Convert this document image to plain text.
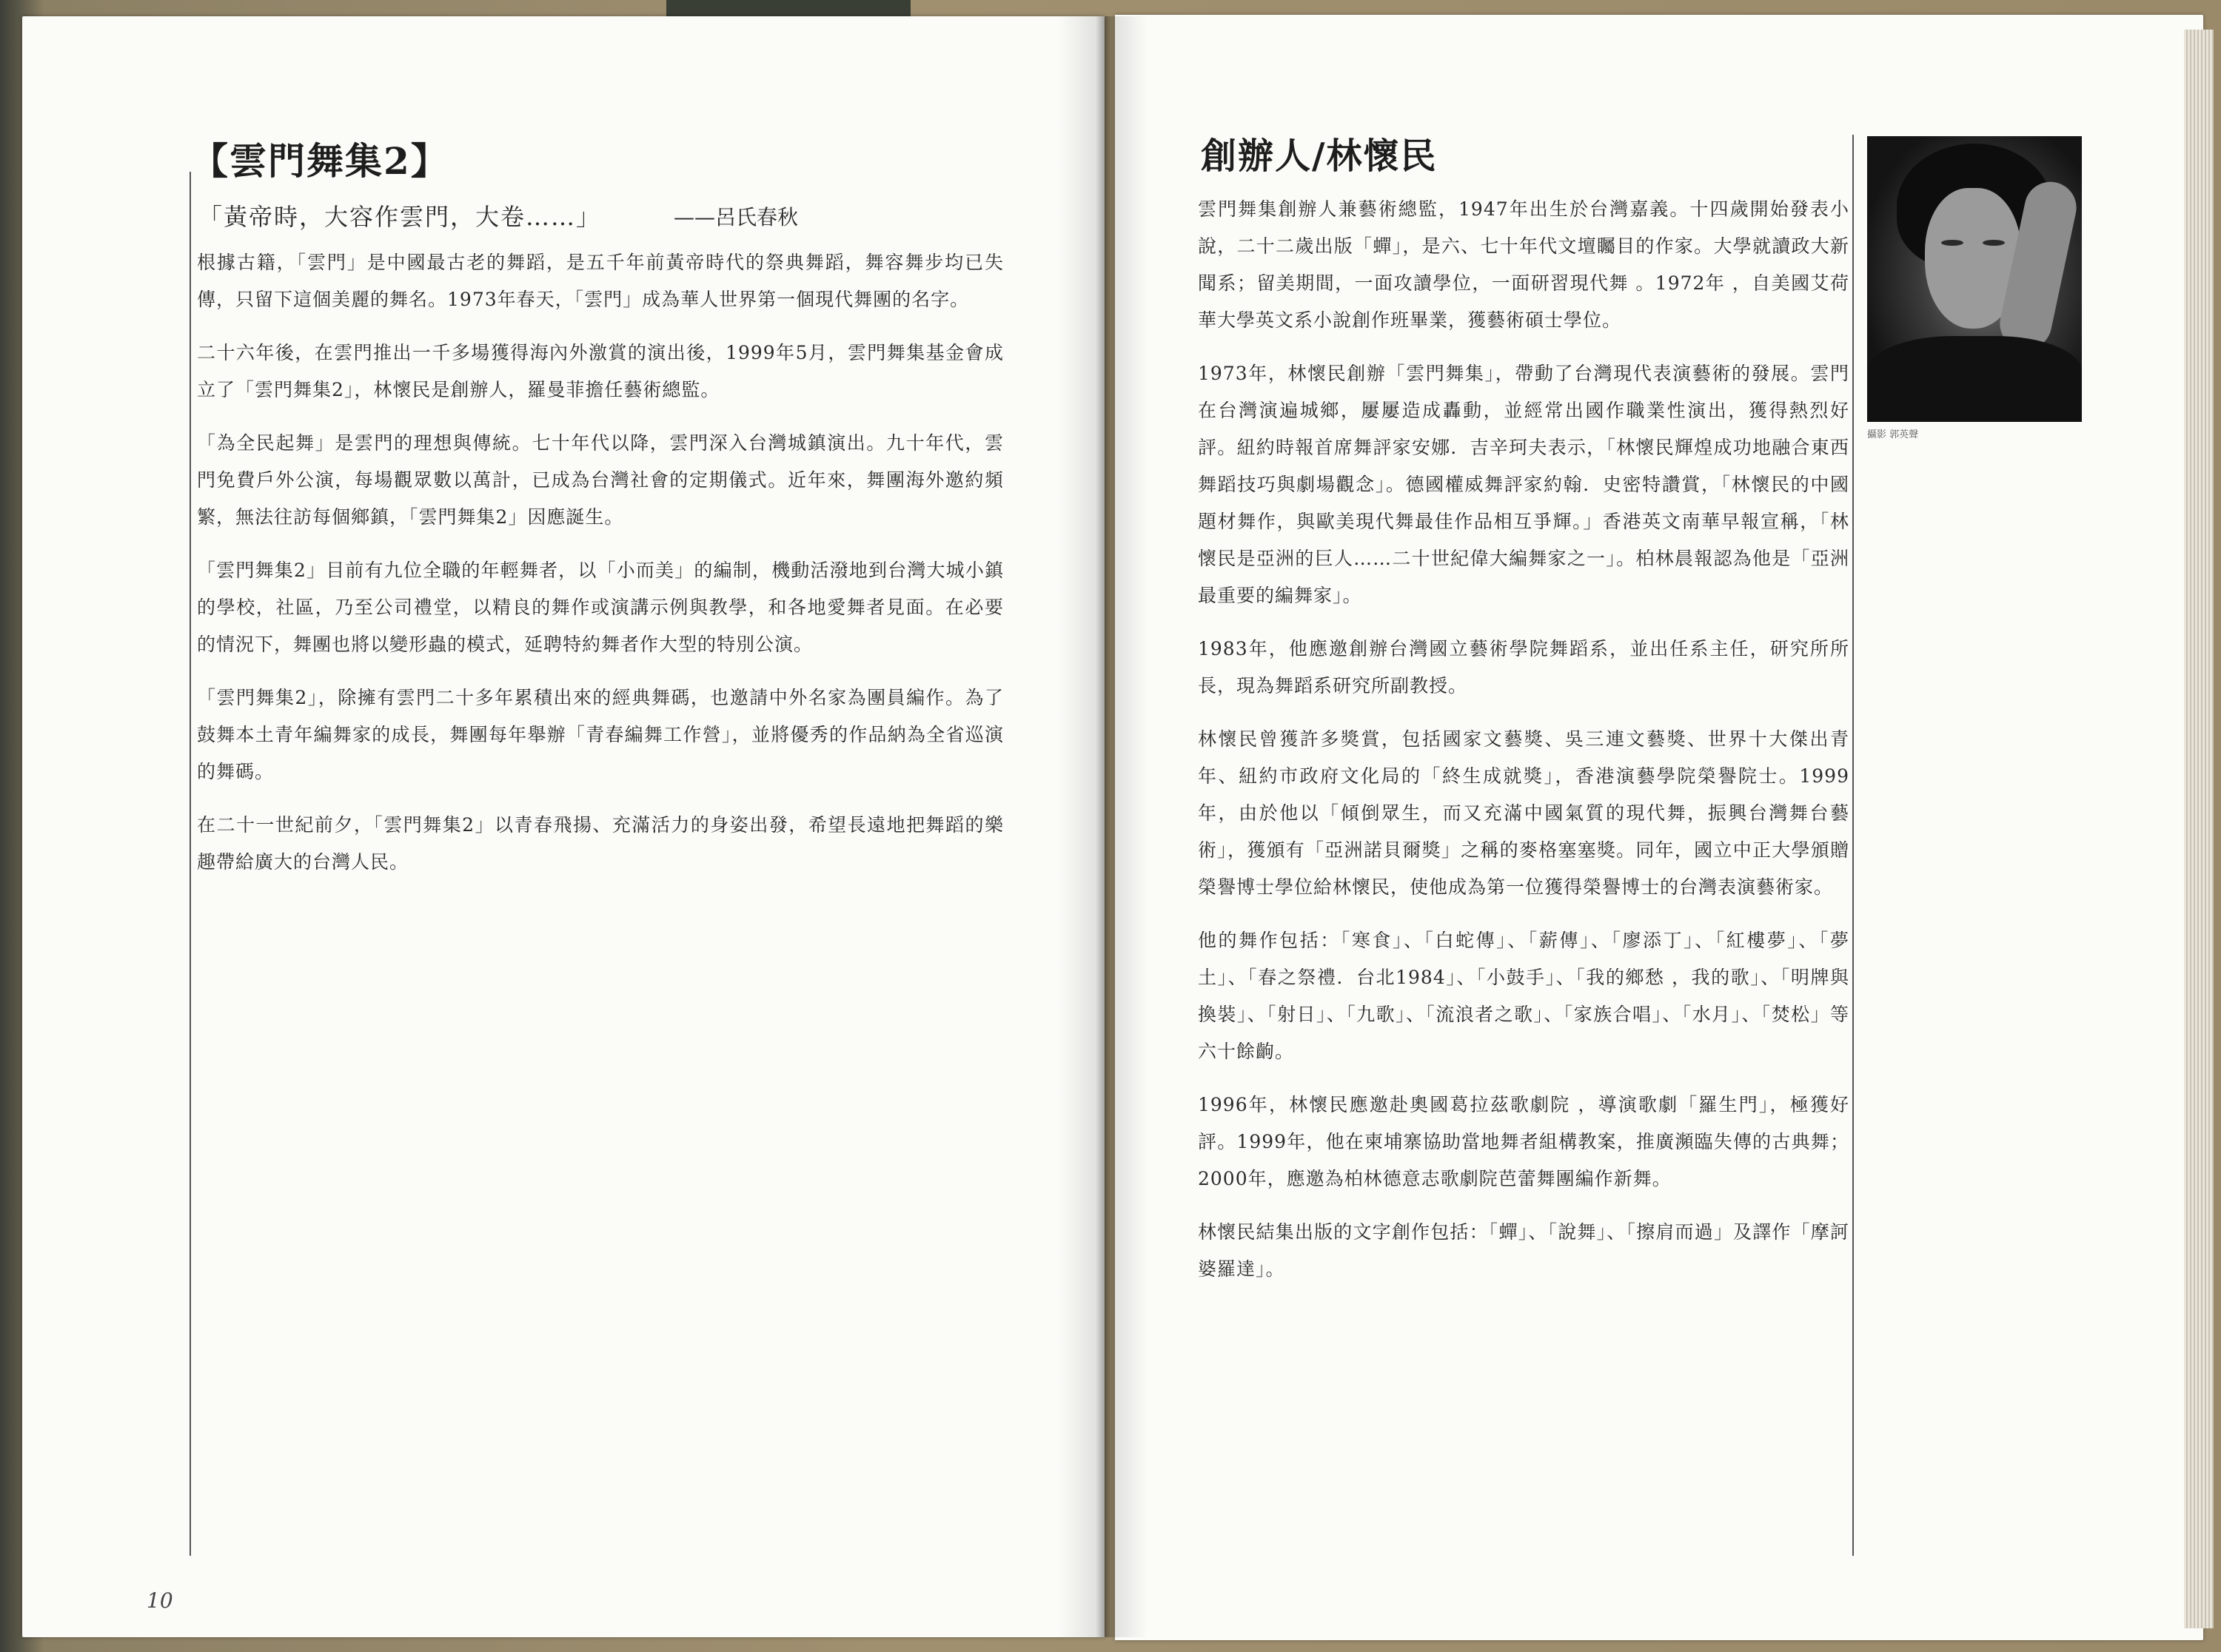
【雲門舞集2】
「黃帝時，大容作雲門，大卷……」	——呂氏春秋

根據古籍，「雲門」是中國最古老的舞蹈，是五千年前黃帝時代的祭典舞蹈，舞容舞步均已失傳，只留下這個美麗的舞名。1973年春天，「雲門」成為華人世界第一個現代舞團的名字。

二十六年後，在雲門推出一千多場獲得海內外激賞的演出後，1999年5月，雲門舞集基金會成立了「雲門舞集2」，林懷民是創辦人，羅曼菲擔任藝術總監。

「為全民起舞」是雲門的理想與傳統。七十年代以降，雲門深入台灣城鎮演出。九十年代，雲門免費戶外公演，每場觀眾數以萬計，已成為台灣社會的定期儀式。近年來，舞團海外邀約頻繁，無法往訪每個鄉鎮，「雲門舞集2」因應誕生。

「雲門舞集2」目前有九位全職的年輕舞者，以「小而美」的編制，機動活潑地到台灣大城小鎮的學校，社區，乃至公司禮堂，以精良的舞作或演講示例與教學，和各地愛舞者見面。在必要的情況下，舞團也將以變形蟲的模式，延聘特約舞者作大型的特別公演。

「雲門舞集2」，除擁有雲門二十多年累積出來的經典舞碼，也邀請中外名家為團員編作。為了鼓舞本土青年編舞家的成長，舞團每年舉辦「青春編舞工作營」，並將優秀的作品納為全省巡演的舞碼。

在二十一世紀前夕，「雲門舞集2」以青春飛揚、充滿活力的身姿出發，希望長遠地把舞蹈的樂趣帶給廣大的台灣人民。

10
創辦人/林懷民
攝影 郭英聲

雲門舞集創辦人兼藝術總監，1947年出生於台灣嘉義。十四歲開始發表小說，二十二歲出版「蟬」，是六、七十年代文壇矚目的作家。大學就讀政大新聞系；留美期間，一面攻讀學位，一面研習現代舞 。1972年 ，自美國艾荷華大學英文系小說創作班畢業，獲藝術碩士學位。

1973年，林懷民創辦「雲門舞集」，帶動了台灣現代表演藝術的發展。雲門在台灣演遍城鄉，屢屢造成轟動，並經常出國作職業性演出，獲得熱烈好評。紐約時報首席舞評家安娜．吉辛珂夫表示，「林懷民輝煌成功地融合東西舞蹈技巧與劇場觀念」。德國權威舞評家約翰．史密特讚賞，「林懷民的中國題材舞作，與歐美現代舞最佳作品相互爭輝。」香港英文南華早報宣稱，「林懷民是亞洲的巨人……二十世紀偉大編舞家之一」。柏林晨報認為他是「亞洲最重要的編舞家」。

1983年，他應邀創辦台灣國立藝術學院舞蹈系，並出任系主任，研究所所長，現為舞蹈系研究所副教授。

林懷民曾獲許多獎賞，包括國家文藝獎、吳三連文藝獎、世界十大傑出青年、紐約市政府文化局的「終生成就獎」，香港演藝學院榮譽院士。1999年，由於他以「傾倒眾生，而又充滿中國氣質的現代舞，振興台灣舞台藝術」，獲頒有「亞洲諾貝爾獎」之稱的麥格塞塞獎。同年，國立中正大學頒贈榮譽博士學位給林懷民，使他成為第一位獲得榮譽博士的台灣表演藝術家。

他的舞作包括：「寒食」、「白蛇傳」、「薪傳」、「廖添丁」、「紅樓夢」、「夢土」、「春之祭禮．台北1984」、「小鼓手」、「我的鄉愁 ，我的歌」、「明牌與換裝」、「射日」、「九歌」、「流浪者之歌」、「家族合唱」、「水月」、「焚松」等六十餘齣。

1996年，林懷民應邀赴奧國葛拉茲歌劇院 ，導演歌劇「羅生門」，極獲好評。1999年，他在柬埔寨協助當地舞者組構教案，推廣瀕臨失傳的古典舞；2000年，應邀為柏林德意志歌劇院芭蕾舞團編作新舞。

林懷民結集出版的文字創作包括：「蟬」、「說舞」、「擦肩而過」及譯作「摩訶婆羅達」。
